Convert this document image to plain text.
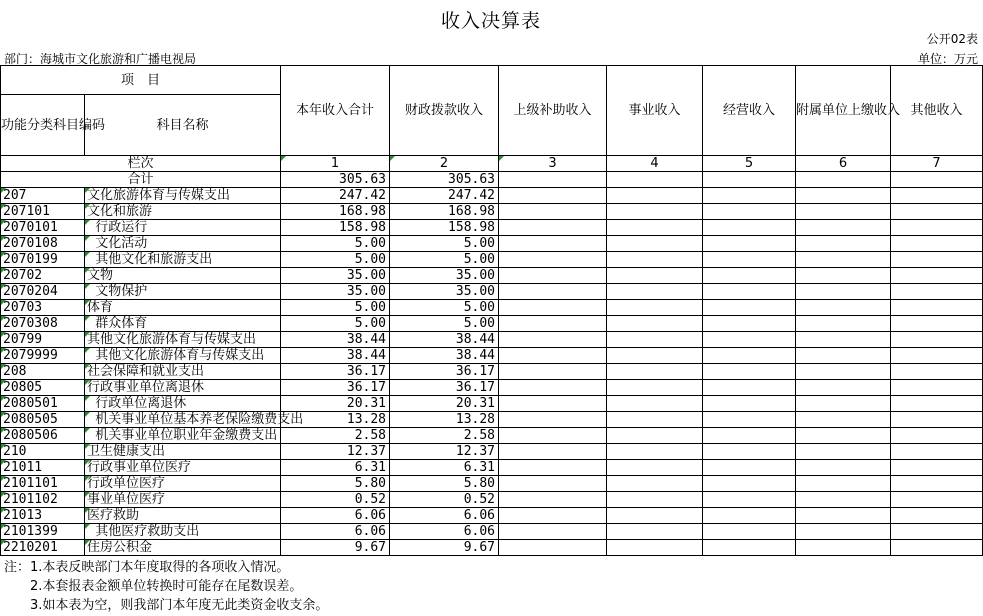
收入决算表
公开02表
部门：海城市文化旅游和广播电视局	单位：万元
项　目		本年收入合计	财政拨款收入	上级补助收入	事业收入	经营收入	附属单位上缴收入	其他收入
功能分类科目编码	科目名称							
栏次		1	2	3	4	5	6	7
合计		305.63	305.63					
207	文化旅游体育与传媒支出	247.42	247.42					
207101	文化和旅游	168.98	168.98					
2070101	行政运行	158.98	158.98					
2070108	文化活动	5.00	5.00					
2070199	其他文化和旅游支出	5.00	5.00					
20702	文物	35.00	35.00					
2070204	文物保护	35.00	35.00					
20703	体育	5.00	5.00					
2070308	群众体育	5.00	5.00					
20799	其他文化旅游体育与传媒支出	38.44	38.44					
2079999	其他文化旅游体育与传媒支出	38.44	38.44					
208	社会保障和就业支出	36.17	36.17					
20805	行政事业单位离退休	36.17	36.17					
2080501	行政单位离退休	20.31	20.31					
2080505	机关事业单位基本养老保险缴费支出	13.28	13.28					
2080506	机关事业单位职业年金缴费支出	2.58	2.58					
210	卫生健康支出	12.37	12.37					
21011	行政事业单位医疗	6.31	6.31					
2101101	行政单位医疗	5.80	5.80					
2101102	事业单位医疗	0.52	0.52					
21013	医疗救助	6.06	6.06					
2101399	其他医疗救助支出	6.06	6.06					
2210201	住房公积金	9.67	9.67					
注：1.本表反映部门本年度取得的各项收入情况。
　　2.本套报表金额单位转换时可能存在尾数误差。
　　3.如本表为空，则我部门本年度无此类资金收支余。
